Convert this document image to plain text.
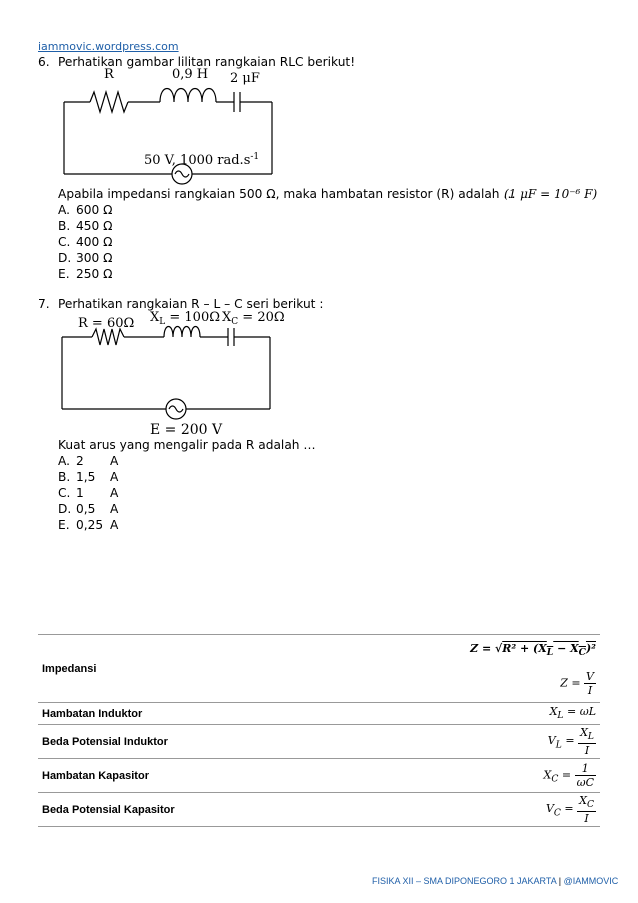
iammovic.wordpress.com
6. Perhatikan gambar lilitan rangkaian RLC berikut!
R	0,9 H 2 μF
50 V, 1000 $rad.s^{-1}$
Apabila impedansi rangkaian 500 Ω, maka hambatan resistor (R) adalah …
(1 μF = 10⁻⁶ F)
A. 600 Ω
B. 450 Ω
C. 400 Ω
D. 300 Ω
E. 250 Ω
7. Perhatikan rangkaian R – L – C seri berikut :
R = 60Ω $X_L = 100\Omega$ $X_C = 20\Omega$
E = 200 V
Kuat arus yang mengalir pada R adalah …
A. 2 A
B. 1,5 A
C. 1 A
D. 0,5 A
E. 0,25 A
Impedansi	$Z = √R^2 + (X_L - X_C)^2$
	$Z = \frac{V}{I}$

Hambatan Induktor	$X_L = \omega L$
Beda Potensial Induktor	$V_L = \frac{X_L}{I}$

Hambatan Kapasitor	$X_C = \frac{1}{\omega C}$

Beda Potensial Kapasitor	$V_C = \frac{X_C}{I}$
FISIKA XII – SMA DIPONEGORO 1 JAKARTA | @IAMMOVIC
